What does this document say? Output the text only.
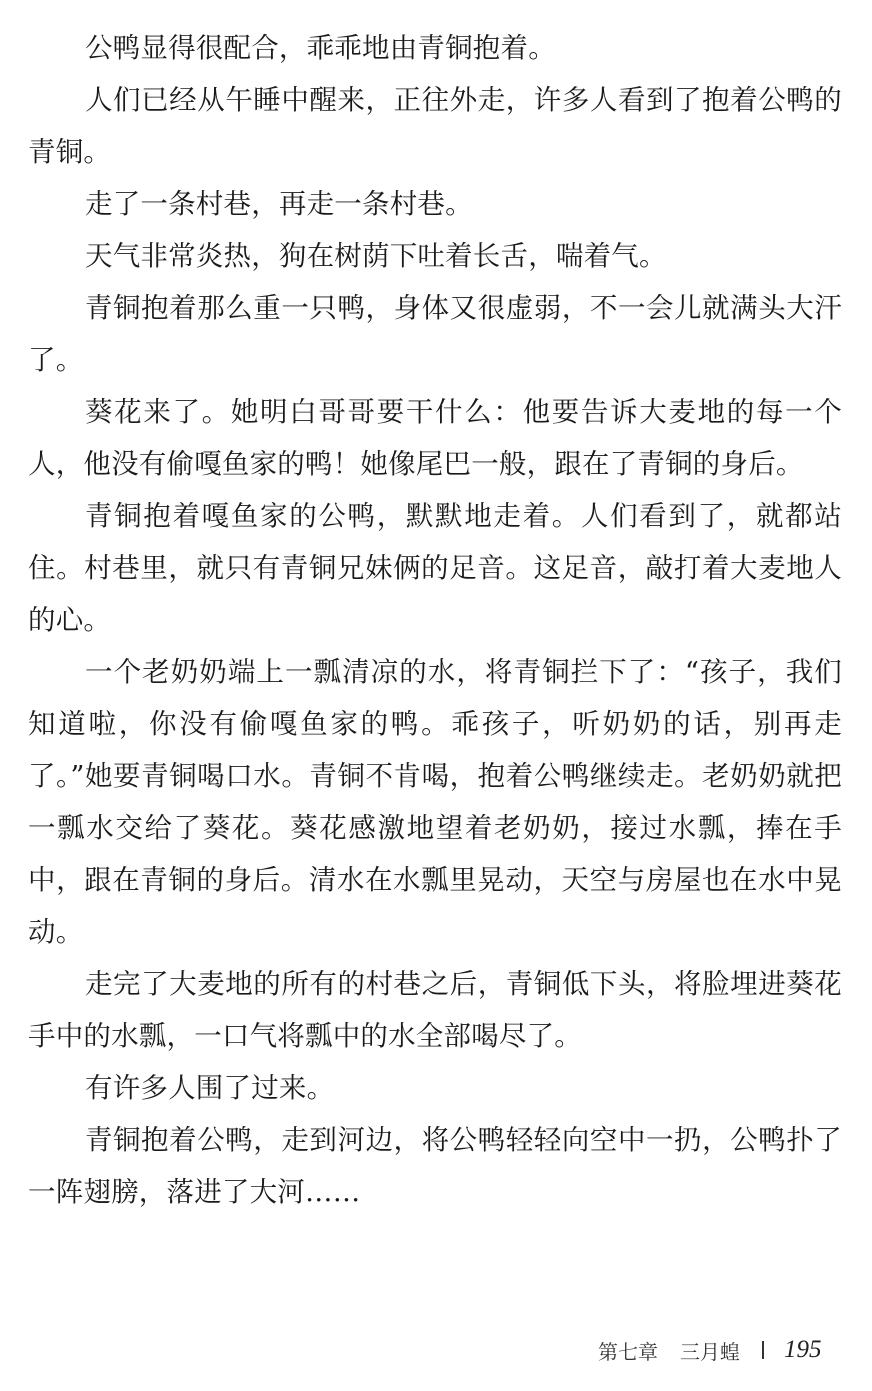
公鸭显得很配合，乖乖地由青铜抱着。

人们已经从午睡中醒来，正往外走，许多人看到了抱着公鸭的青铜。

走了一条村巷，再走一条村巷。

天气非常炎热，狗在树荫下吐着长舌，喘着气。

青铜抱着那么重一只鸭，身体又很虚弱，不一会儿就满头大汗了。

葵花来了。她明白哥哥要干什么：他要告诉大麦地的每一个人，他没有偷嘎鱼家的鸭！她像尾巴一般，跟在了青铜的身后。

青铜抱着嘎鱼家的公鸭，默默地走着。人们看到了，就都站住。村巷里，就只有青铜兄妹俩的足音。这足音，敲打着大麦地人的心。

一个老奶奶端上一瓢清凉的水，将青铜拦下了：“孩子，我们知道啦，你没有偷嘎鱼家的鸭。乖孩子，听奶奶的话，别再走了。”她要青铜喝口水。青铜不肯喝，抱着公鸭继续走。老奶奶就把一瓢水交给了葵花。葵花感激地望着老奶奶，接过水瓢，捧在手中，跟在青铜的身后。清水在水瓢里晃动，天空与房屋也在水中晃动。

走完了大麦地的所有的村巷之后，青铜低下头，将脸埋进葵花手中的水瓢，一口气将瓢中的水全部喝尽了。

有许多人围了过来。

青铜抱着公鸭，走到河边，将公鸭轻轻向空中一扔，公鸭扑了一阵翅膀，落进了大河……

第七章 三月蝗 195
